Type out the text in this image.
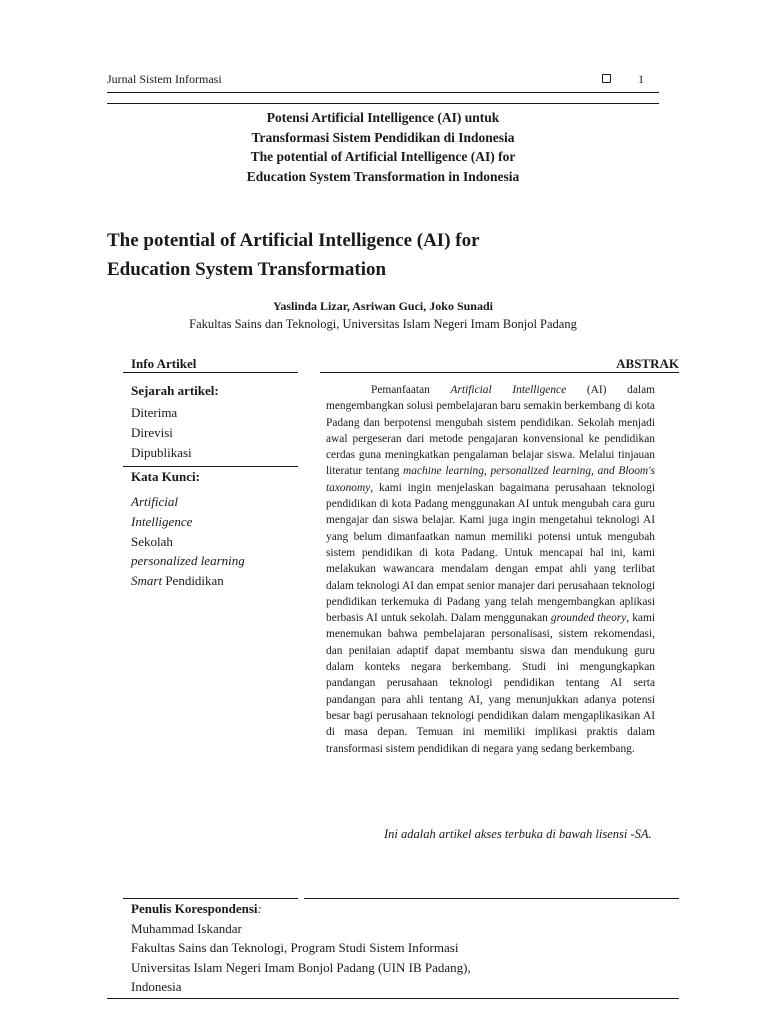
Jurnal Sistem Informasi	1
Potensi Artificial Intelligence (AI) untuk
Transformasi Sistem Pendidikan di Indonesia
The potential of Artificial Intelligence (AI) for
Education System Transformation in Indonesia
The potential of Artificial Intelligence (AI) for
Education System Transformation
Yaslinda Lizar, Asriwan Guci, Joko Sunadi
Fakultas Sains dan Teknologi, Universitas Islam Negeri Imam Bonjol Padang
Info Artikel	ABSTRAK
Sejarah artikel:
Diterima
Direvisi
Dipublikasi
Kata Kunci:
Artificial
Intelligence
Sekolah
personalized learning
Smart Pendidikan

Pemanfaatan Artificial Intelligence (AI) dalam mengembangkan solusi pembelajaran baru semakin berkembang di kota Padang dan berpotensi mengubah sistem pendidikan. Sekolah menjadi awal pergeseran dari metode pengajaran konvensional ke pendidikan cerdas guna meningkatkan pengalaman belajar siswa. Melalui tinjauan literatur tentang machine learning, personalized learning, and Bloom's taxonomy, kami ingin menjelaskan bagaimana perusahaan teknologi pendidikan di kota Padang menggunakan AI untuk mengubah cara guru mengajar dan siswa belajar. Kami juga ingin mengetahui teknologi AI yang belum dimanfaatkan namun memiliki potensi untuk mengubah sistem pendidikan di kota Padang. Untuk mencapai hal ini, kami melakukan wawancara mendalam dengan empat ahli yang terlibat dalam teknologi AI dan empat senior manajer dari perusahaan teknologi pendidikan terkemuka di Padang yang telah mengembangkan aplikasi berbasis AI untuk sekolah. Dalam menggunakan grounded theory, kami menemukan bahwa pembelajaran personalisasi, sistem rekomendasi, dan penilaian adaptif dapat membantu siswa dan mendukung guru dalam konteks negara berkembang. Studi ini mengungkapkan pandangan perusahaan teknologi pendidikan tentang AI serta pandangan para ahli tentang AI, yang menunjukkan adanya potensi besar bagi perusahaan teknologi pendidikan dalam mengaplikasikan AI di masa depan. Temuan ini memiliki implikasi praktis dalam transformasi sistem pendidikan di negara yang sedang berkembang.

Ini adalah artikel akses terbuka di bawah lisensi -SA.
Penulis Korespondensi:
Muhammad Iskandar
Fakultas Sains dan Teknologi, Program Studi Sistem Informasi
Universitas Islam Negeri Imam Bonjol Padang (UIN IB Padang),
Indonesia
